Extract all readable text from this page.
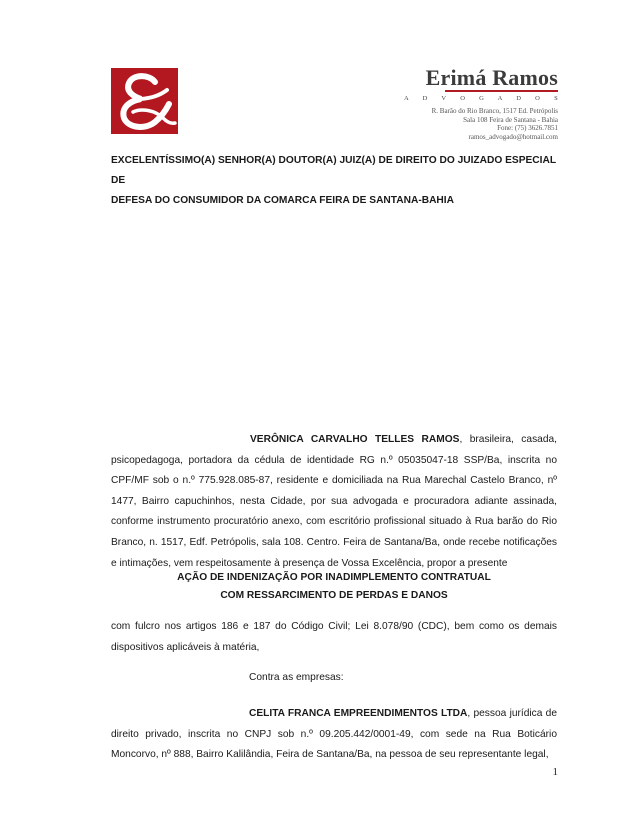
Erimá Ramos
A D V O G A D O S
R. Barão do Rio Branco, 1517 Ed. Petrópolis
Sala 108 Feira de Santana - Bahia
Fone: (75) 3626.7851
ramos_advogado@hotmail.com
EXCELENTÍSSIMO(A) SENHOR(A) DOUTOR(A) JUIZ(A) DE DIREITO DO JUIZADO ESPECIAL DE
DEFESA DO CONSUMIDOR DA COMARCA FEIRA DE SANTANA-BAHIA
VERÔNICA CARVALHO TELLES RAMOS, brasileira, casada, psicopedagoga, portadora da cédula de identidade RG n.º 05035047-18 SSP/Ba, inscrita no CPF/MF sob o n.º 775.928.085-87, residente e domiciliada na Rua Marechal Castelo Branco, nº 1477, Bairro capuchinhos, nesta Cidade, por sua advogada e procuradora adiante assinada, conforme instrumento procuratório anexo, com escritório profissional situado à Rua barão do Rio Branco, n. 1517, Edf. Petrópolis, sala 108. Centro. Feira de Santana/Ba, onde recebe notificações e intimações, vem respeitosamente à presença de Vossa Excelência, propor a presente
AÇÃO DE INDENIZAÇÃO POR INADIMPLEMENTO CONTRATUAL
COM RESSARCIMENTO DE PERDAS E DANOS
com fulcro nos artigos 186 e 187 do Código Civil; Lei 8.078/90 (CDC), bem como os demais dispositivos aplicáveis à matéria,
Contra as empresas:
CELITA FRANCA EMPREENDIMENTOS LTDA, pessoa jurídica de direito privado, inscrita no CNPJ sob n.º 09.205.442/0001-49, com sede na Rua Boticário Moncorvo, nº 888, Bairro Kalilândia, Feira de Santana/Ba, na pessoa de seu representante legal,
1
